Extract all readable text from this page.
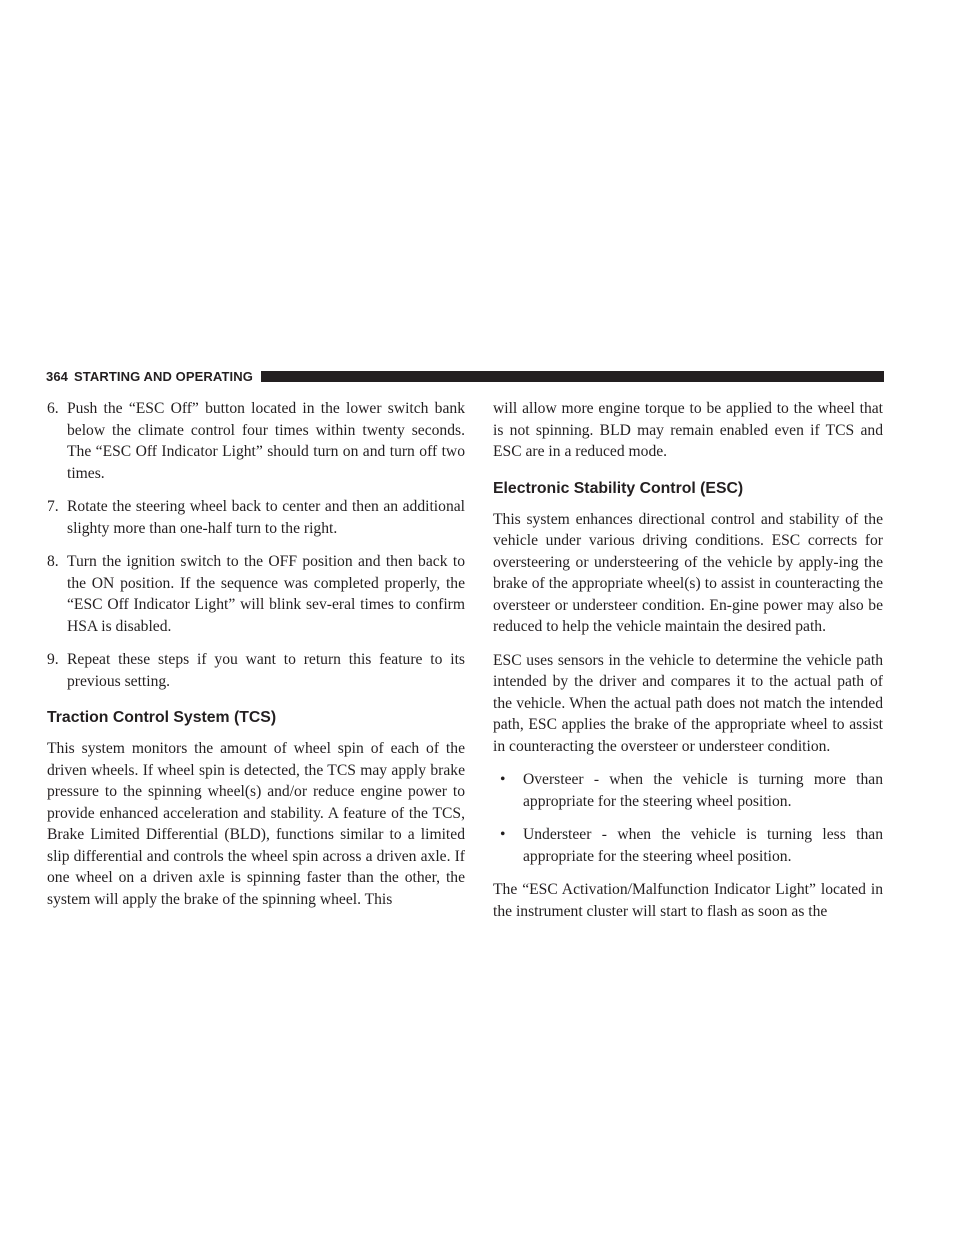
364 STARTING AND OPERATING
6. Push the “ESC Off” button located in the lower switch bank below the climate control four times within twenty seconds. The “ESC Off Indicator Light” should turn on and turn off two times.
7. Rotate the steering wheel back to center and then an additional slighty more than one-half turn to the right.
8. Turn the ignition switch to the OFF position and then back to the ON position. If the sequence was completed properly, the “ESC Off Indicator Light” will blink sev-eral times to confirm HSA is disabled.
9. Repeat these steps if you want to return this feature to its previous setting.
Traction Control System (TCS)

This system monitors the amount of wheel spin of each of the driven wheels. If wheel spin is detected, the TCS may apply brake pressure to the spinning wheel(s) and/or reduce engine power to provide enhanced acceleration and stability. A feature of the TCS, Brake Limited Differential (BLD), functions similar to a limited slip differential and controls the wheel spin across a driven axle. If one wheel on a driven axle is spinning faster than the other, the system will apply the brake of the spinning wheel. This

will allow more engine torque to be applied to the wheel that is not spinning. BLD may remain enabled even if TCS and ESC are in a reduced mode.

Electronic Stability Control (ESC)

This system enhances directional control and stability of the vehicle under various driving conditions. ESC corrects for oversteering or understeering of the vehicle by apply-ing the brake of the appropriate wheel(s) to assist in counteracting the oversteer or understeer condition. En-gine power may also be reduced to help the vehicle maintain the desired path.

ESC uses sensors in the vehicle to determine the vehicle path intended by the driver and compares it to the actual path of the vehicle. When the actual path does not match the intended path, ESC applies the brake of the appropriate wheel to assist in counteracting the oversteer or understeer condition.

• Oversteer - when the vehicle is turning more than appropriate for the steering wheel position.
• Understeer - when the vehicle is turning less than appropriate for the steering wheel position.

The “ESC Activation/Malfunction Indicator Light” located in the instrument cluster will start to flash as soon as the
